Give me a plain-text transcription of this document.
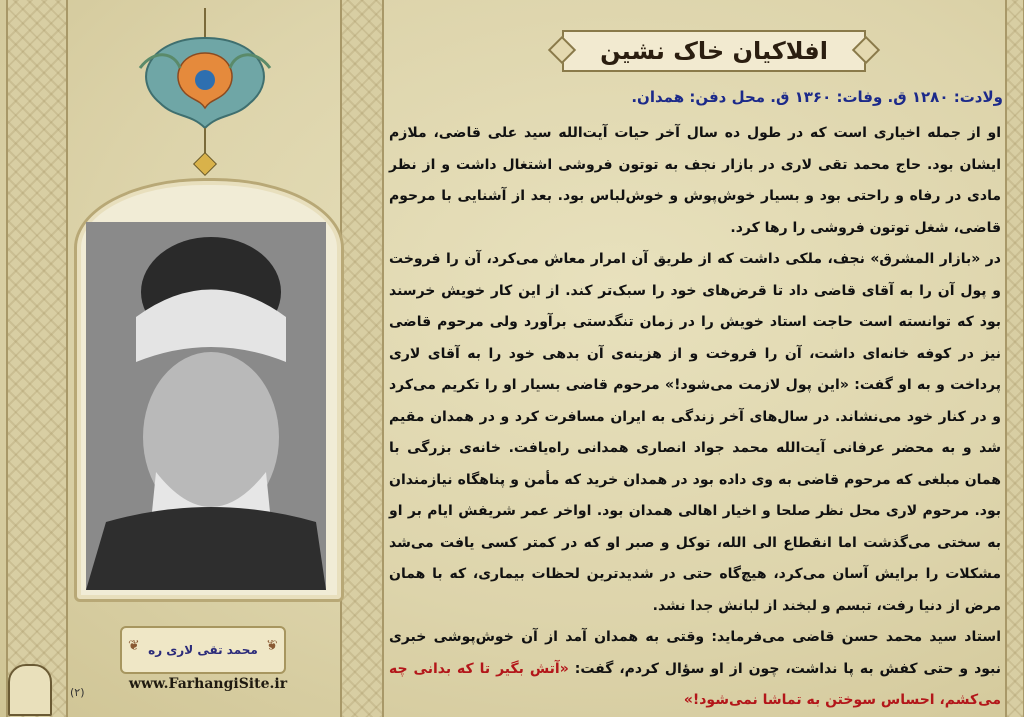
❦ محمد تقی لاری ره
❦
www.FarhangiSite.ir
(۲)
افلاکیان خاک نشین
ولادت: ۱۲۸۰ ق. وفات: ۱۳۶۰ ق. محل دفن: همدان.

او از جمله اخیاری است که در طول ده سال آخر حیات آیت‌الله سید علی قاضی، ملازم ایشان بود. حاج محمد تقی لاری در بازار نجف به توتون فروشی اشتغال داشت و از نظر مادی در رفاه و راحتی بود و بسیار خوش‌پوش و خوش‌لباس بود. بعد از آشنایی با مرحوم قاضی، شغل توتون فروشی را رها کرد.

در «بازار المشرق» نجف، ملکی داشت که از طریق آن امرار معاش می‌کرد، آن را فروخت و پول آن را به آقای قاضی داد تا قرض‌های خود را سبک‌تر کند. از این کار خویش خرسند بود که توانسته است حاجت استاد خویش را در زمان تنگدستی برآورد ولی مرحوم قاضی نیز در کوفه خانه‌ای داشت، آن را فروخت و از هزینه‌ی آن بدهی خود را به آقای لاری پرداخت و به او گفت: «این پول لازمت می‌شود!» مرحوم قاضی بسیار او را تکریم می‌کرد و در کنار خود می‌نشاند. در سال‌های آخر زندگی به ایران مسافرت کرد و در همدان مقیم شد و به محضر عرفانی آیت‌الله محمد جواد انصاری همدانی راه‌یافت. خانه‌ی بزرگی با همان مبلغی که مرحوم قاضی به وی داده بود در همدان خرید که مأمن و پناهگاه نیازمندان بود. مرحوم لاری محل نظر صلحا و اخیار اهالی همدان بود. اواخر عمر شریفش ایام بر او به سختی می‌گذشت اما انقطاع الی الله، توکل و صبر او که در کمتر کسی یافت می‌شد مشکلات را برایش آسان می‌کرد، هیچ‌گاه حتی در شدیدترین لحظات بیماری، که با همان مرض از دنیا رفت، تبسم و لبخند از لبانش جدا نشد.

استاد سید محمد حسن قاضی می‌فرماید: وقتی به همدان آمد از آن خوش‌پوشی خبری نبود و حتی کفش به پا نداشت، چون از او سؤال کردم، گفت: «آتش بگیر تا که بدانی چه می‌کشم، احساس سوختن به تماشا نمی‌شود!»
